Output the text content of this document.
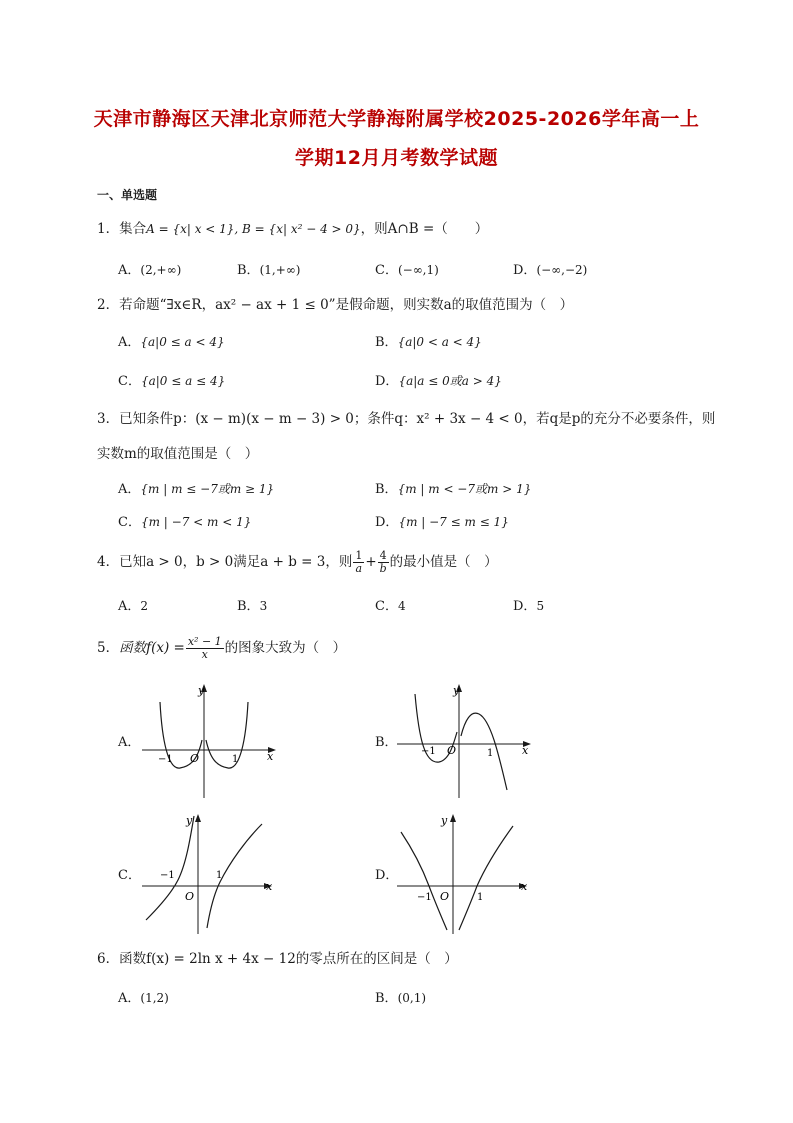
天津市静海区天津北京师范大学静海附属学校2025-2026学年高一上
学期12月月考数学试题
一、单选题
1．集合A = {x| x < 1}, B = {x| x² − 4 > 0}，则A∩B =（　　）
A．(2,+∞)	B．(1,+∞)	C．(−∞,1)	D．(−∞,−2)
2．若命题“∃x∈R，ax² − ax + 1 ≤ 0”是假命题，则实数a的取值范围为（　）
A．{a|0 ≤ a < 4}	B．{a|0 < a < 4}
C．{a|0 ≤ a ≤ 4}	D．{a|a ≤ 0或a > 4}
3．已知条件p：(x − m)(x − m − 3) > 0；条件q：x² + 3x − 4 < 0，若q是p的充分不必要条件，则
实数m的取值范围是（　）
A．{m | m ≤ −7或m ≥ 1}	B．{m | m < −7或m > 1}
C．{m | −7 < m < 1}	D．{m | −7 ≤ m ≤ 1}
4．已知a > 0，b > 0满足a + b = 3，则 $\frac{1}{a} + \frac{4}{b}$ 的最小值是（　）
A．2	B．3	C．4	D．5
5．函数$f(x) = \frac{\text{x² − 1}}{x}$ 的图象大致为（　）
A．
y
x
O
−1	1
B．
y
x
O
−1	1
C．
y
x
O
−1	1	D．
y
x
O
−1	1
6．函数f(x) = 2ln x + 4x − 12的零点所在的区间是（　）
A．(1,2)	B．(0,1)
